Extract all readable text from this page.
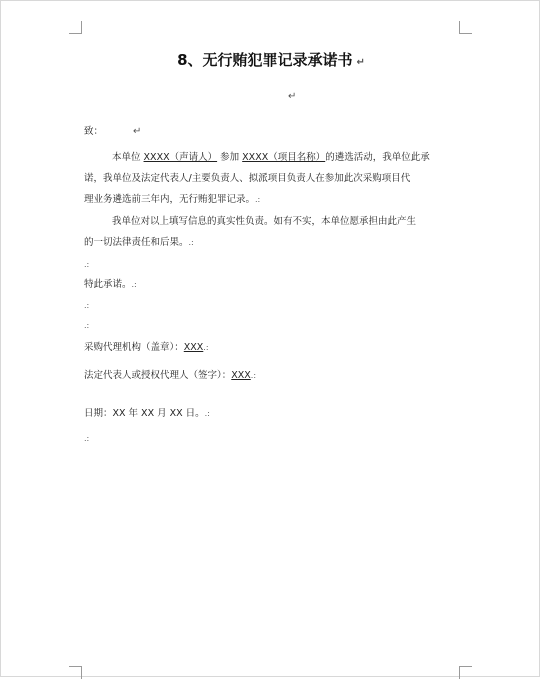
8、无行贿犯罪记录承诺书 ↵
↵
致：	↵
本单位 XXXX（声请人） 参加 XXXX（项目名称）的遴选活动，我单位此承
诺，我单位及法定代表人/主要负责人、拟派项目负责人在参加此次采购项目代
理业务遴选前三年内，无行贿犯罪记录。.:
我单位对以上填写信息的真实性负责。如有不实，本单位愿承担由此产生
的一切法律责任和后果。.:
.:
特此承诺。.:
.:
.:
采购代理机构（盖章）：XXX.:
法定代表人或授权代理人（签字）：XXX.:
日期：XX 年 XX 月 XX 日。.:
.:
